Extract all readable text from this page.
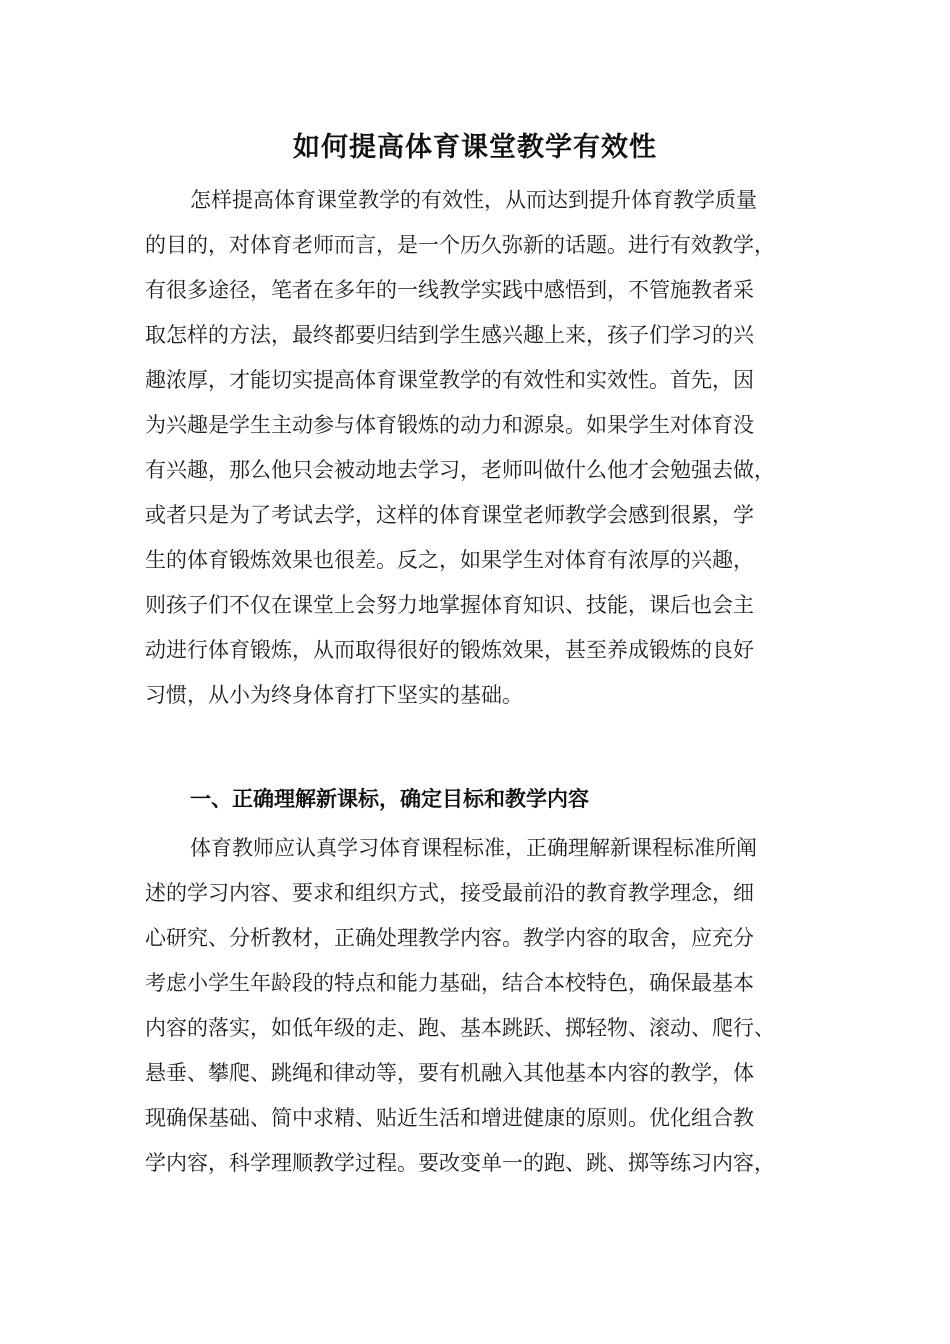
如何提高体育课堂教学有效性
怎样提高体育课堂教学的有效性，从而达到提升体育教学质量
的目的，对体育老师而言，是一个历久弥新的话题。进行有效教学，
有很多途径，笔者在多年的一线教学实践中感悟到，不管施教者采
取怎样的方法，最终都要归结到学生感兴趣上来，孩子们学习的兴
趣浓厚，才能切实提高体育课堂教学的有效性和实效性。首先，因
为兴趣是学生主动参与体育锻炼的动力和源泉。如果学生对体育没
有兴趣，那么他只会被动地去学习，老师叫做什么他才会勉强去做，
或者只是为了考试去学，这样的体育课堂老师教学会感到很累，学
生的体育锻炼效果也很差。反之，如果学生对体育有浓厚的兴趣，
则孩子们不仅在课堂上会努力地掌握体育知识、技能，课后也会主
动进行体育锻炼，从而取得很好的锻炼效果，甚至养成锻炼的良好
习惯，从小为终身体育打下坚实的基础。
一、正确理解新课标，确定目标和教学内容
体育教师应认真学习体育课程标准，正确理解新课程标准所阐
述的学习内容、要求和组织方式，接受最前沿的教育教学理念，细
心研究、分析教材，正确处理教学内容。教学内容的取舍，应充分
考虑小学生年龄段的特点和能力基础，结合本校特色，确保最基本
内容的落实，如低年级的走、跑、基本跳跃、掷轻物、滚动、爬行、
悬垂、攀爬、跳绳和律动等，要有机融入其他基本内容的教学，体
现确保基础、简中求精、贴近生活和增进健康的原则。优化组合教
学内容，科学理顺教学过程。要改变单一的跑、跳、掷等练习内容，
